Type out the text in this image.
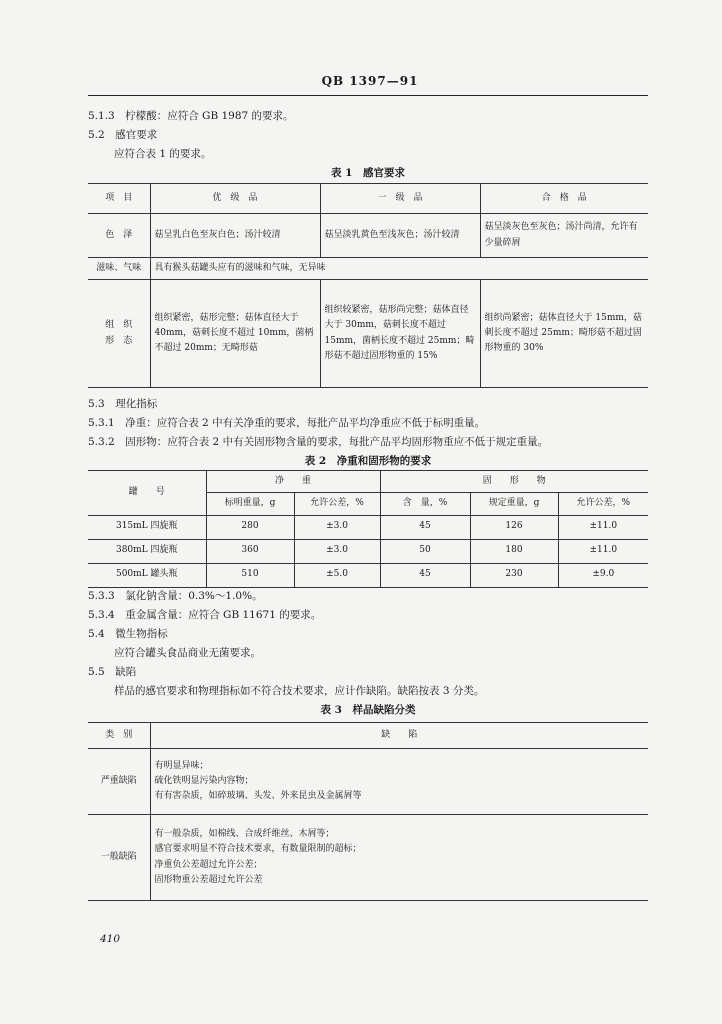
QB 1397—91
5.1.3　柠檬酸：应符合 GB 1987 的要求。
5.2　感官要求
应符合表 1 的要求。
表 1　感官要求
项　目	优　级　品	一　级　品	合　格　品
色　泽	菇呈乳白色至灰白色；汤汁较清	菇呈淡乳黄色至浅灰色；汤汁较清	菇呈淡灰色至灰色；汤汁尚清，允许有少量碎屑
滋味、气味	具有猴头菇罐头应有的滋味和气味，无异味		
组　织
形　态	组织紧密，菇形完整；菇体直径大于 40mm，菇刺长度不超过 10mm，菌柄不超过 20mm；无畸形菇	组织较紧密，菇形尚完整；菇体直径大于 30mm，菇刺长度不超过 15mm，菌柄长度不超过 25mm；畸形菇不超过固形物重的 15%	组织尚紧密；菇体直径大于 15mm，菇刺长度不超过 25mm；畸形菇不超过固形物重的 30%
5.3　理化指标
5.3.1　净重：应符合表 2 中有关净重的要求，每批产品平均净重应不低于标明重量。
5.3.2　固形物：应符合表 2 中有关固形物含量的要求，每批产品平均固形物重应不低于规定重量。
表 2　净重和固形物的要求
罐　　号	净　　重		固　　形　　物		
	标明重量，g	允许公差，%	含　量，%	规定重量，g	允许公差，%
315mL 四旋瓶	280	±3.0	45	126	±11.0
380mL 四旋瓶	360	±3.0	50	180	±11.0
500mL 罐头瓶	510	±5.0	45	230	±9.0
5.3.3　氯化钠含量：0.3%～1.0%。
5.3.4　重金属含量：应符合 GB 11671 的要求。
5.4　微生物指标
应符合罐头食品商业无菌要求。
5.5　缺陷
样品的感官要求和物理指标如不符合技术要求，应计作缺陷。缺陷按表 3 分类。
表 3　样品缺陷分类
类　别	缺　　陷
严重缺陷	有明显异味；
硫化铁明显污染内容物；
有有害杂质，如碎玻璃、头发、外来昆虫及金属屑等

一般缺陷	有一般杂质，如棉线、合成纤维丝、木屑等；
感官要求明显不符合技术要求，有数量限制的超标；
净重负公差超过允许公差；
固形物重公差超过允许公差
410
